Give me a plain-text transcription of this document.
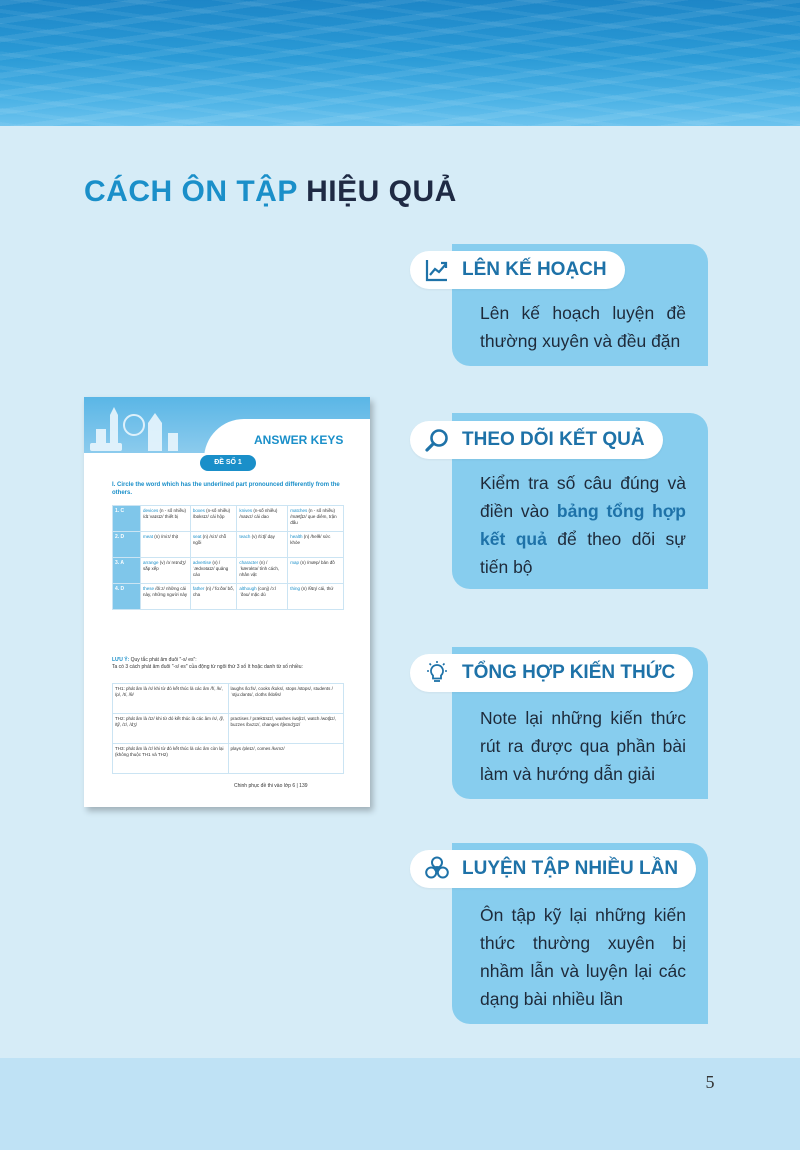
CÁCH ÔN TẬP HIỆU QUẢ
ANSWER KEYS
ĐỀ SỐ 1
I. Circle the word which has the underlined part pronounced differently from the others.
1. C	devices (n - số nhiều) /dɪˈvaɪsɪz/ thiết bị	boxes (n-số nhiều) /bɒksɪz/ cái hộp	knives (n-số nhiều) /naɪvz/ cái dao	matches (n - số nhiều) /mætʃɪz/ que diêm, trận đấu
2. D	meat (n) /miːt/ thịt	seat (n) /siːt/ chỗ ngồi	teach (v) /tiːtʃ/ dạy	health (n) /helθ/ sức khỏe
3. A	arrange (v) /əˈreɪndʒ/ sắp xếp	advertise (v) /ˈædvətaɪz/ quảng cáo	character (n) /ˈkærəktə/ tính cách, nhân vật	map (n) /mæp/ bản đồ
4. D	these /ðiːz/ những cái này, những người này	father (n) /ˈfɑːðə/ bố, cha	although (conj) /ɔːlˈðəʊ/ mặc dù	thing (n) /θɪŋ/ cái, thứ
LƯU Ý: Quy tắc phát âm đuôi "-s/ es":
Ta có 3 cách phát âm đuôi "-s/ es" của động từ ngôi thứ 3 số ít hoặc danh từ số nhiều:
TH1: phát âm là /s/ khi từ đó kết thúc là các âm /f/, /k/, /p/, /t/, /θ/	laughs /lɑːfs/, cooks /kʊks/, stops /stɒps/, students /ˈstjuːdənts/, cloths /klɒθs/
TH2: phát âm là /ɪz/ khi từ đó kết thúc là các âm /s/, /ʃ/, /tʃ/, /z/, /dʒ/	practises /ˈpræktɪsɪz/, washes /wɒʃɪz/, watch /wɒtʃɪz/, buzzes /bʌzɪz/, changes /tʃeɪndʒɪz/
TH3: phát âm là /z/ khi từ đó kết thúc là các âm còn lại (không thuộc TH1 và TH2)	plays /pleɪz/, comes /kʌmz/
Chinh phục đề thi vào lớp 6 | 139
LÊN KẾ HOẠCH
Lên kế hoạch luyện đề thường xuyên và đều đặn
THEO DÕI KẾT QUẢ
Kiểm tra số câu đúng và điền vào bảng tổng hợp kết quả để theo dõi sự tiến bộ
TỔNG HỢP KIẾN THỨC
Note lại những kiến thức rút ra được qua phần bài làm và hướng dẫn giải
LUYỆN TẬP NHIỀU LẦN
Ôn tập kỹ lại những kiến thức thường xuyên bị nhầm lẫn và luyện lại các dạng bài nhiều lần
5
